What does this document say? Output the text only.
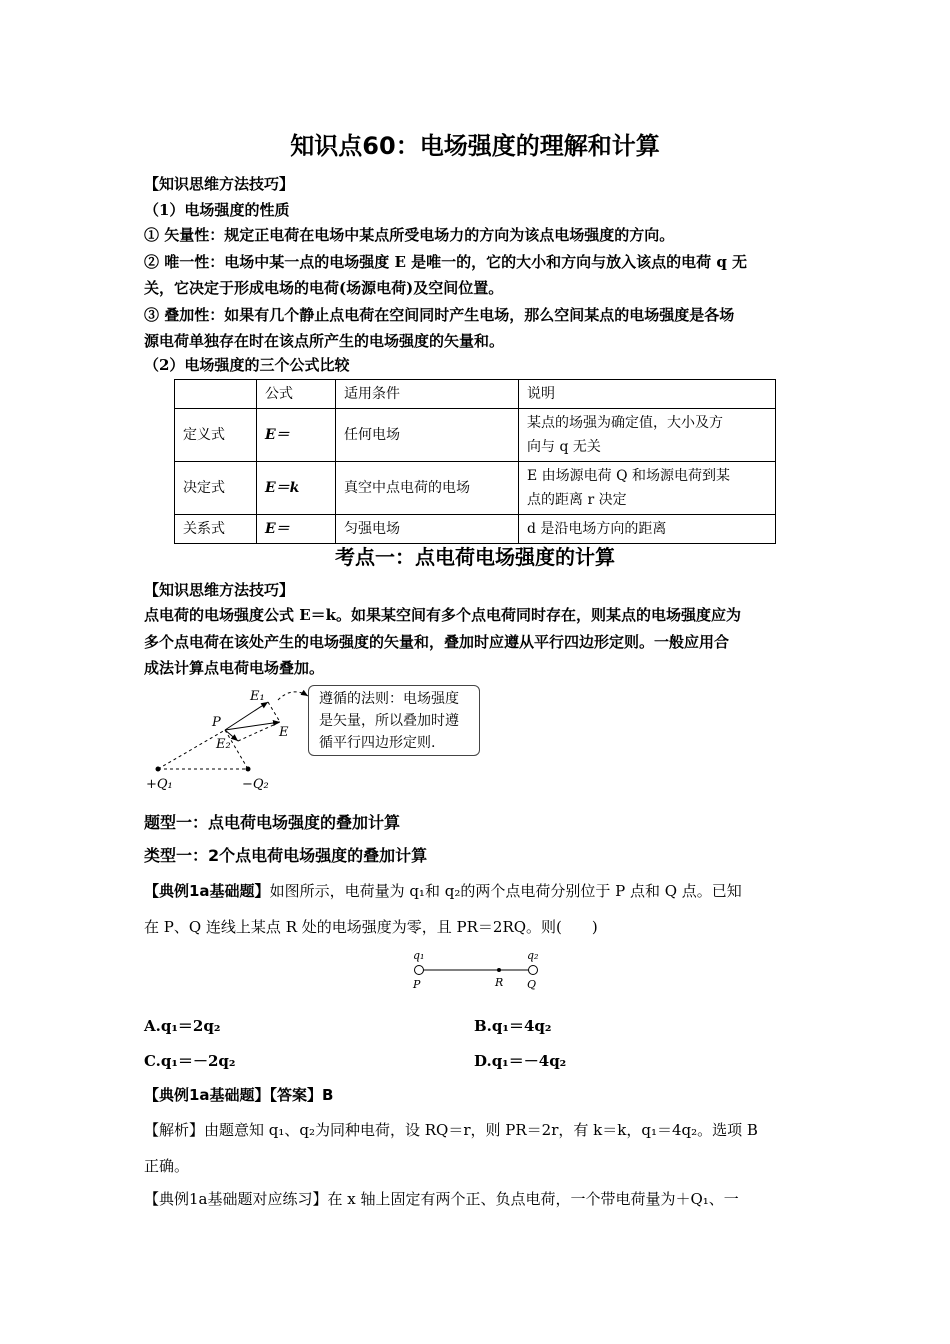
知识点60：电场强度的理解和计算
【知识思维方法技巧】
（1）电场强度的性质
① 矢量性：规定正电荷在电场中某点所受电场力的方向为该点电场强度的方向。
② 唯一性：电场中某一点的电场强度 E 是唯一的，它的大小和方向与放入该点的电荷 q 无
关，它决定于形成电场的电荷(场源电荷)及空间位置。
③ 叠加性：如果有几个静止点电荷在空间同时产生电场，那么空间某点的电场强度是各场
源电荷单独存在时在该点所产生的电场强度的矢量和。
（2）电场强度的三个公式比较
	公式	适用条件	说明
定义式	E＝	任何电场	某点的场强为确定值，大小及方
向与 q 无关

决定式	E＝k	真空中点电荷的电场	E 由场源电荷 Q 和场源电荷到某
点的距离 r 决定

关系式	E＝	匀强电场	d 是沿电场方向的距离
考点一：点电荷电场强度的计算
【知识思维方法技巧】
点电荷的电场强度公式 E＝k。如果某空间有多个点电荷同时存在，则某点的电场强度应为
多个点电荷在该处产生的电场强度的矢量和，叠加时应遵从平行四边形定则。一般应用合
成法计算点电荷电场叠加。
E₁
P
E
E₂
+Q₁	−Q₂
遵循的法则：电场强度
是矢量，所以叠加时遵
循平行四边形定则.
题型一：点电荷电场强度的叠加计算
类型一：2个点电荷电场强度的叠加计算
【典例1a基础题】如图所示，电荷量为 q₁和 q₂的两个点电荷分别位于 P 点和 Q 点。已知
在 P、Q 连线上某点 R 处的电场强度为零，且 PR＝2RQ。则(　　)
q₁	q₂
P	R Q
A.q₁＝2q₂	B.q₁＝4q₂
C.q₁＝－2q₂	D.q₁＝－4q₂
【典例1a基础题】【答案】B
【解析】由题意知 q₁、q₂为同种电荷，设 RQ＝r，则 PR＝2r，有 k＝k，q₁＝4q₂。选项 B
正确。
【典例1a基础题对应练习】在 x 轴上固定有两个正、负点电荷，一个带电荷量为＋Q₁、一
